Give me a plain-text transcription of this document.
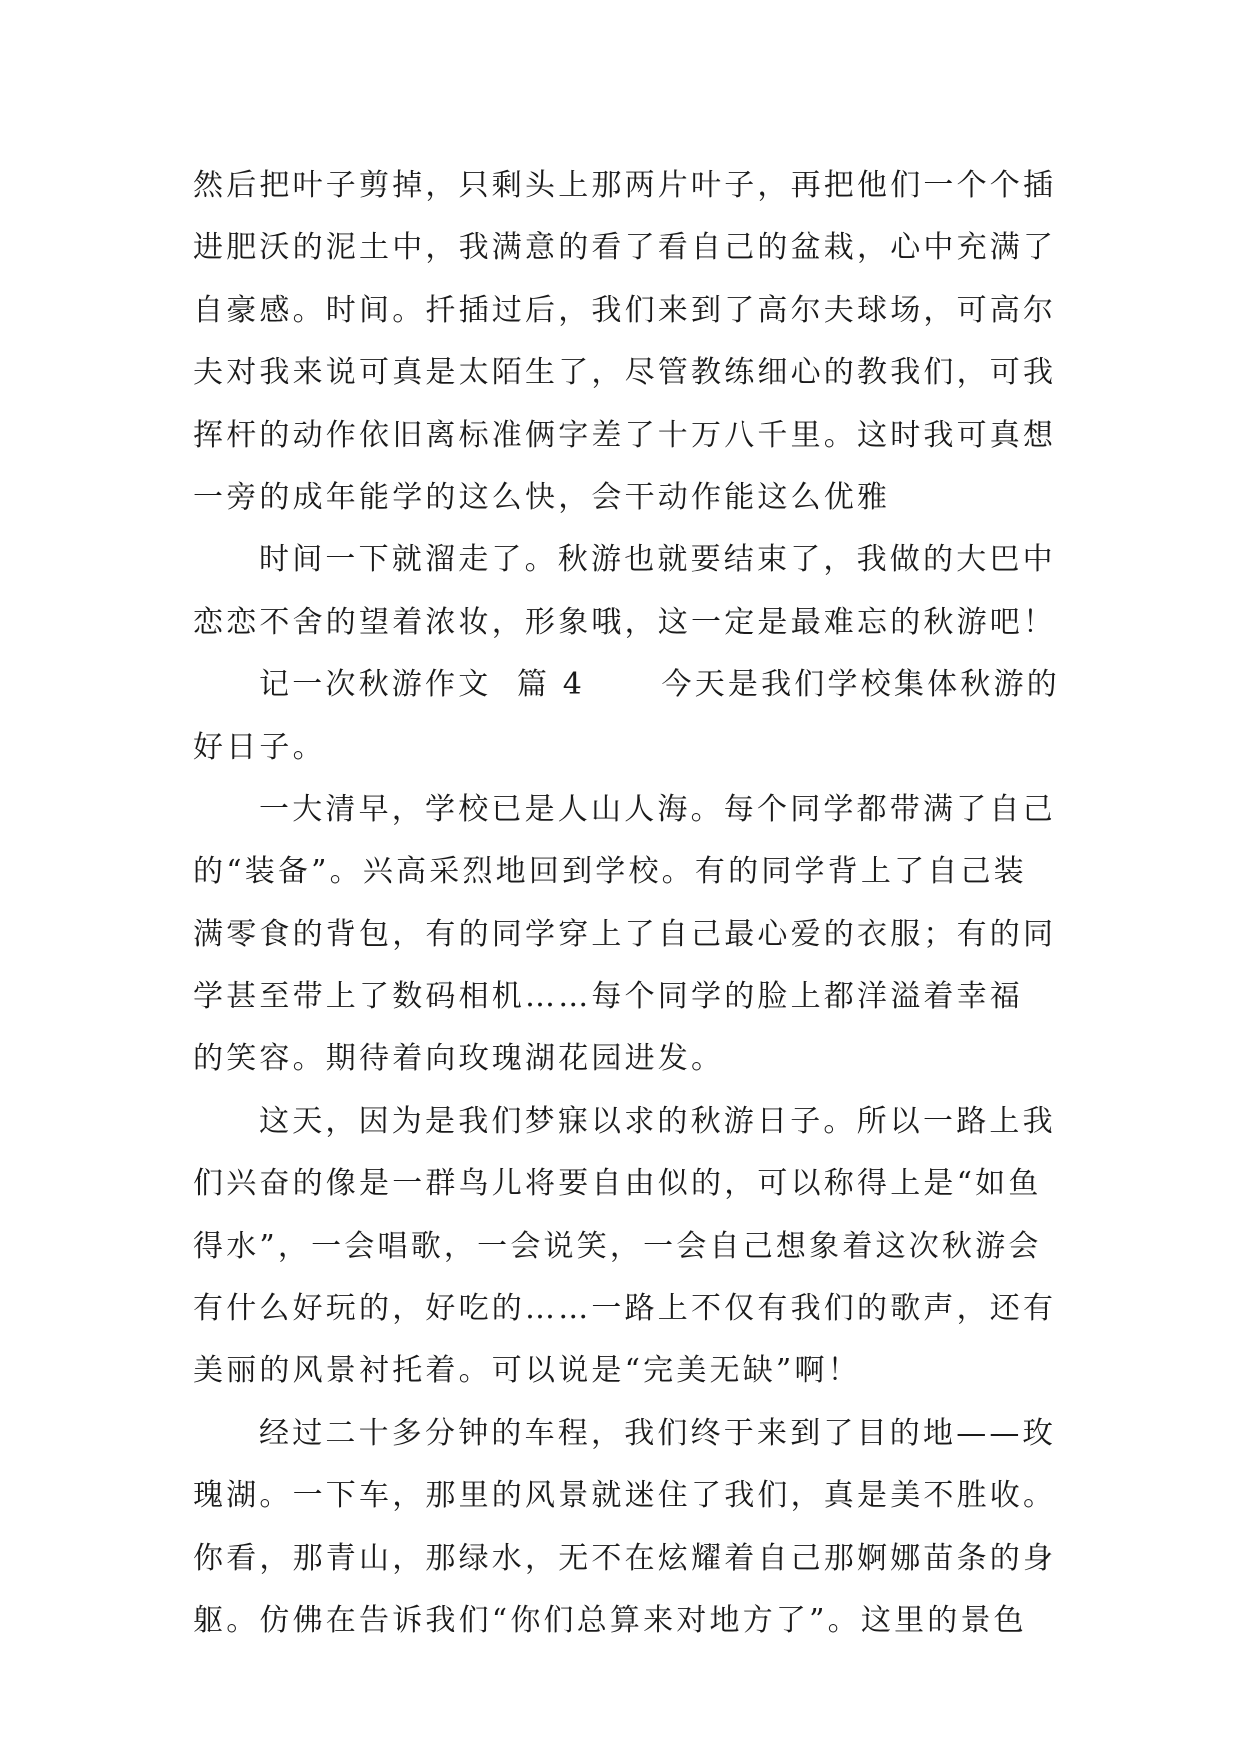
然后把叶子剪掉，只剩头上那两片叶子，再把他们一个个插
进肥沃的泥土中，我满意的看了看自己的盆栽，心中充满了
自豪感。时间。扦插过后，我们来到了高尔夫球场，可高尔
夫对我来说可真是太陌生了，尽管教练细心的教我们，可我
挥杆的动作依旧离标准俩字差了十万八千里。这时我可真想
一旁的成年能学的这么快，会干动作能这么优雅
时间一下就溜走了。秋游也就要结束了，我做的大巴中
恋恋不舍的望着浓妆，形象哦，这一定是最难忘的秋游吧！
记一次秋游作文  篇 4      今天是我们学校集体秋游的
好日子。
一大清早，学校已是人山人海。每个同学都带满了自己
的“装备”。兴高采烈地回到学校。有的同学背上了自己装
满零食的背包，有的同学穿上了自己最心爱的衣服；有的同
学甚至带上了数码相机……每个同学的脸上都洋溢着幸福
的笑容。期待着向玫瑰湖花园进发。
这天，因为是我们梦寐以求的秋游日子。所以一路上我
们兴奋的像是一群鸟儿将要自由似的，可以称得上是“如鱼
得水”，一会唱歌，一会说笑，一会自己想象着这次秋游会
有什么好玩的，好吃的……一路上不仅有我们的歌声，还有
美丽的风景衬托着。可以说是“完美无缺”啊！
经过二十多分钟的车程，我们终于来到了目的地——玫
瑰湖。一下车，那里的风景就迷住了我们，真是美不胜收。
你看，那青山，那绿水，无不在炫耀着自己那婀娜苗条的身
躯。仿佛在告诉我们“你们总算来对地方了”。这里的景色
